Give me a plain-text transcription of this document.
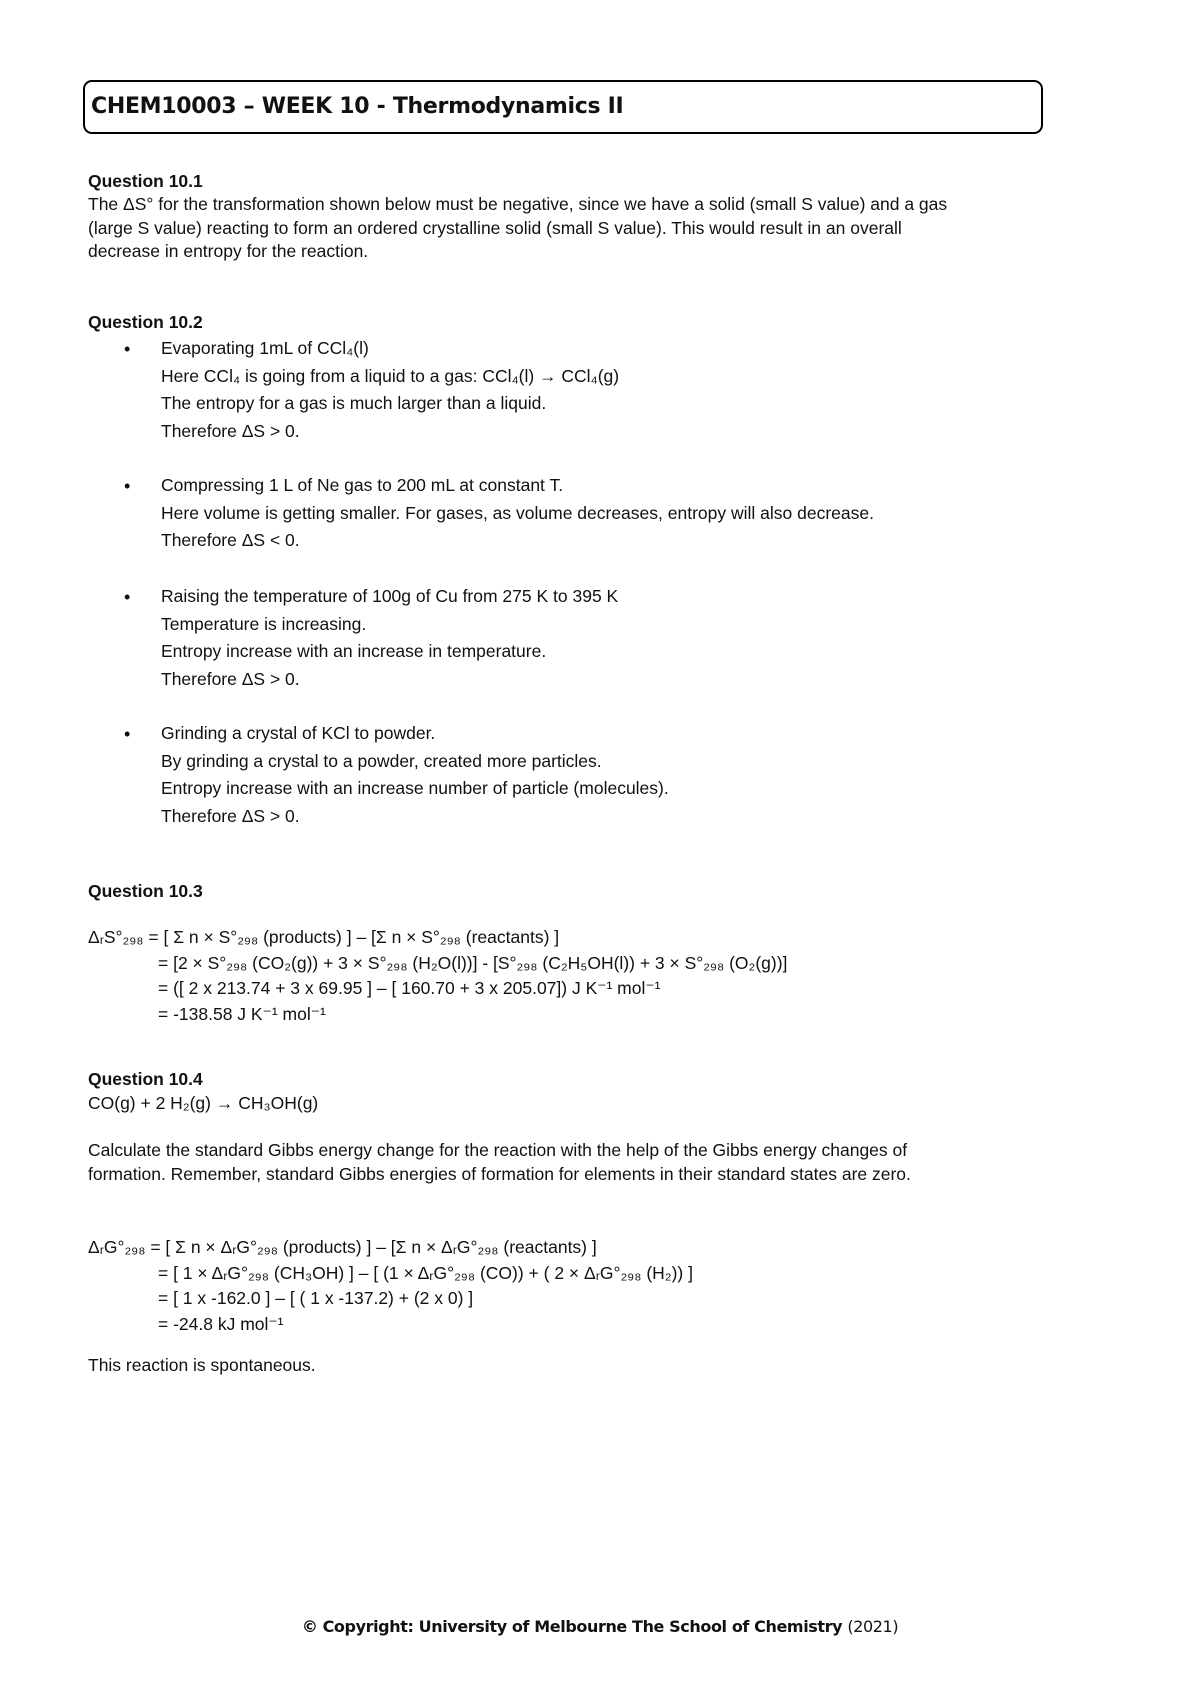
CHEM10003 – WEEK 10 - Thermodynamics II
Question 10.1

The ΔS° for the transformation shown below must be negative, since we have a solid (small S value) and a gas

(large S value) reacting to form an ordered crystalline solid (small S value). This would result in an overall

decrease in entropy for the reaction.

Question 10.2
• Evaporating 1mL of CCl₄(l)
Here CCl₄ is going from a liquid to a gas: CCl₄(l) → CCl₄(g)
The entropy for a gas is much larger than a liquid.
Therefore ΔS > 0.
• Compressing 1 L of Ne gas to 200 mL at constant T.
Here volume is getting smaller. For gases, as volume decreases, entropy will also decrease.
Therefore ΔS < 0.
• Raising the temperature of 100g of Cu from 275 K to 395 K
Temperature is increasing.
Entropy increase with an increase in temperature.
Therefore ΔS > 0.
• Grinding a crystal of KCl to powder.
By grinding a crystal to a powder, created more particles.
Entropy increase with an increase number of particle (molecules).
Therefore ΔS > 0.
Question 10.3
ΔᵣS°₂₉₈ = [ Σ n × S°₂₉₈ (products) ] – [Σ n × S°₂₉₈ (reactants) ]
= [2 × S°₂₉₈ (CO₂(g)) + 3 × S°₂₉₈ (H₂O(l))] - [S°₂₉₈ (C₂H₅OH(l)) + 3 × S°₂₉₈ (O₂(g))]
= ([ 2 x 213.74 + 3 x 69.95 ] – [ 160.70 + 3 x 205.07]) J K⁻¹ mol⁻¹
= -138.58 J K⁻¹ mol⁻¹
Question 10.4
CO(g) + 2 H₂(g) → CH₃OH(g)

Calculate the standard Gibbs energy change for the reaction with the help of the Gibbs energy changes of

formation. Remember, standard Gibbs energies of formation for elements in their standard states are zero.

ΔᵣG°₂₉₈ = [ Σ n × ΔᵣG°₂₉₈ (products) ] – [Σ n × ΔᵣG°₂₉₈ (reactants) ]
= [ 1 × ΔᵣG°₂₉₈ (CH₃OH) ] – [ (1 × ΔᵣG°₂₉₈ (CO)) + ( 2 × ΔᵣG°₂₉₈ (H₂)) ]
= [ 1 x -162.0 ] – [ ( 1 x -137.2) + (2 x 0) ]
= -24.8 kJ mol⁻¹
This reaction is spontaneous.
© Copyright: University of Melbourne The School of Chemistry (2021)
